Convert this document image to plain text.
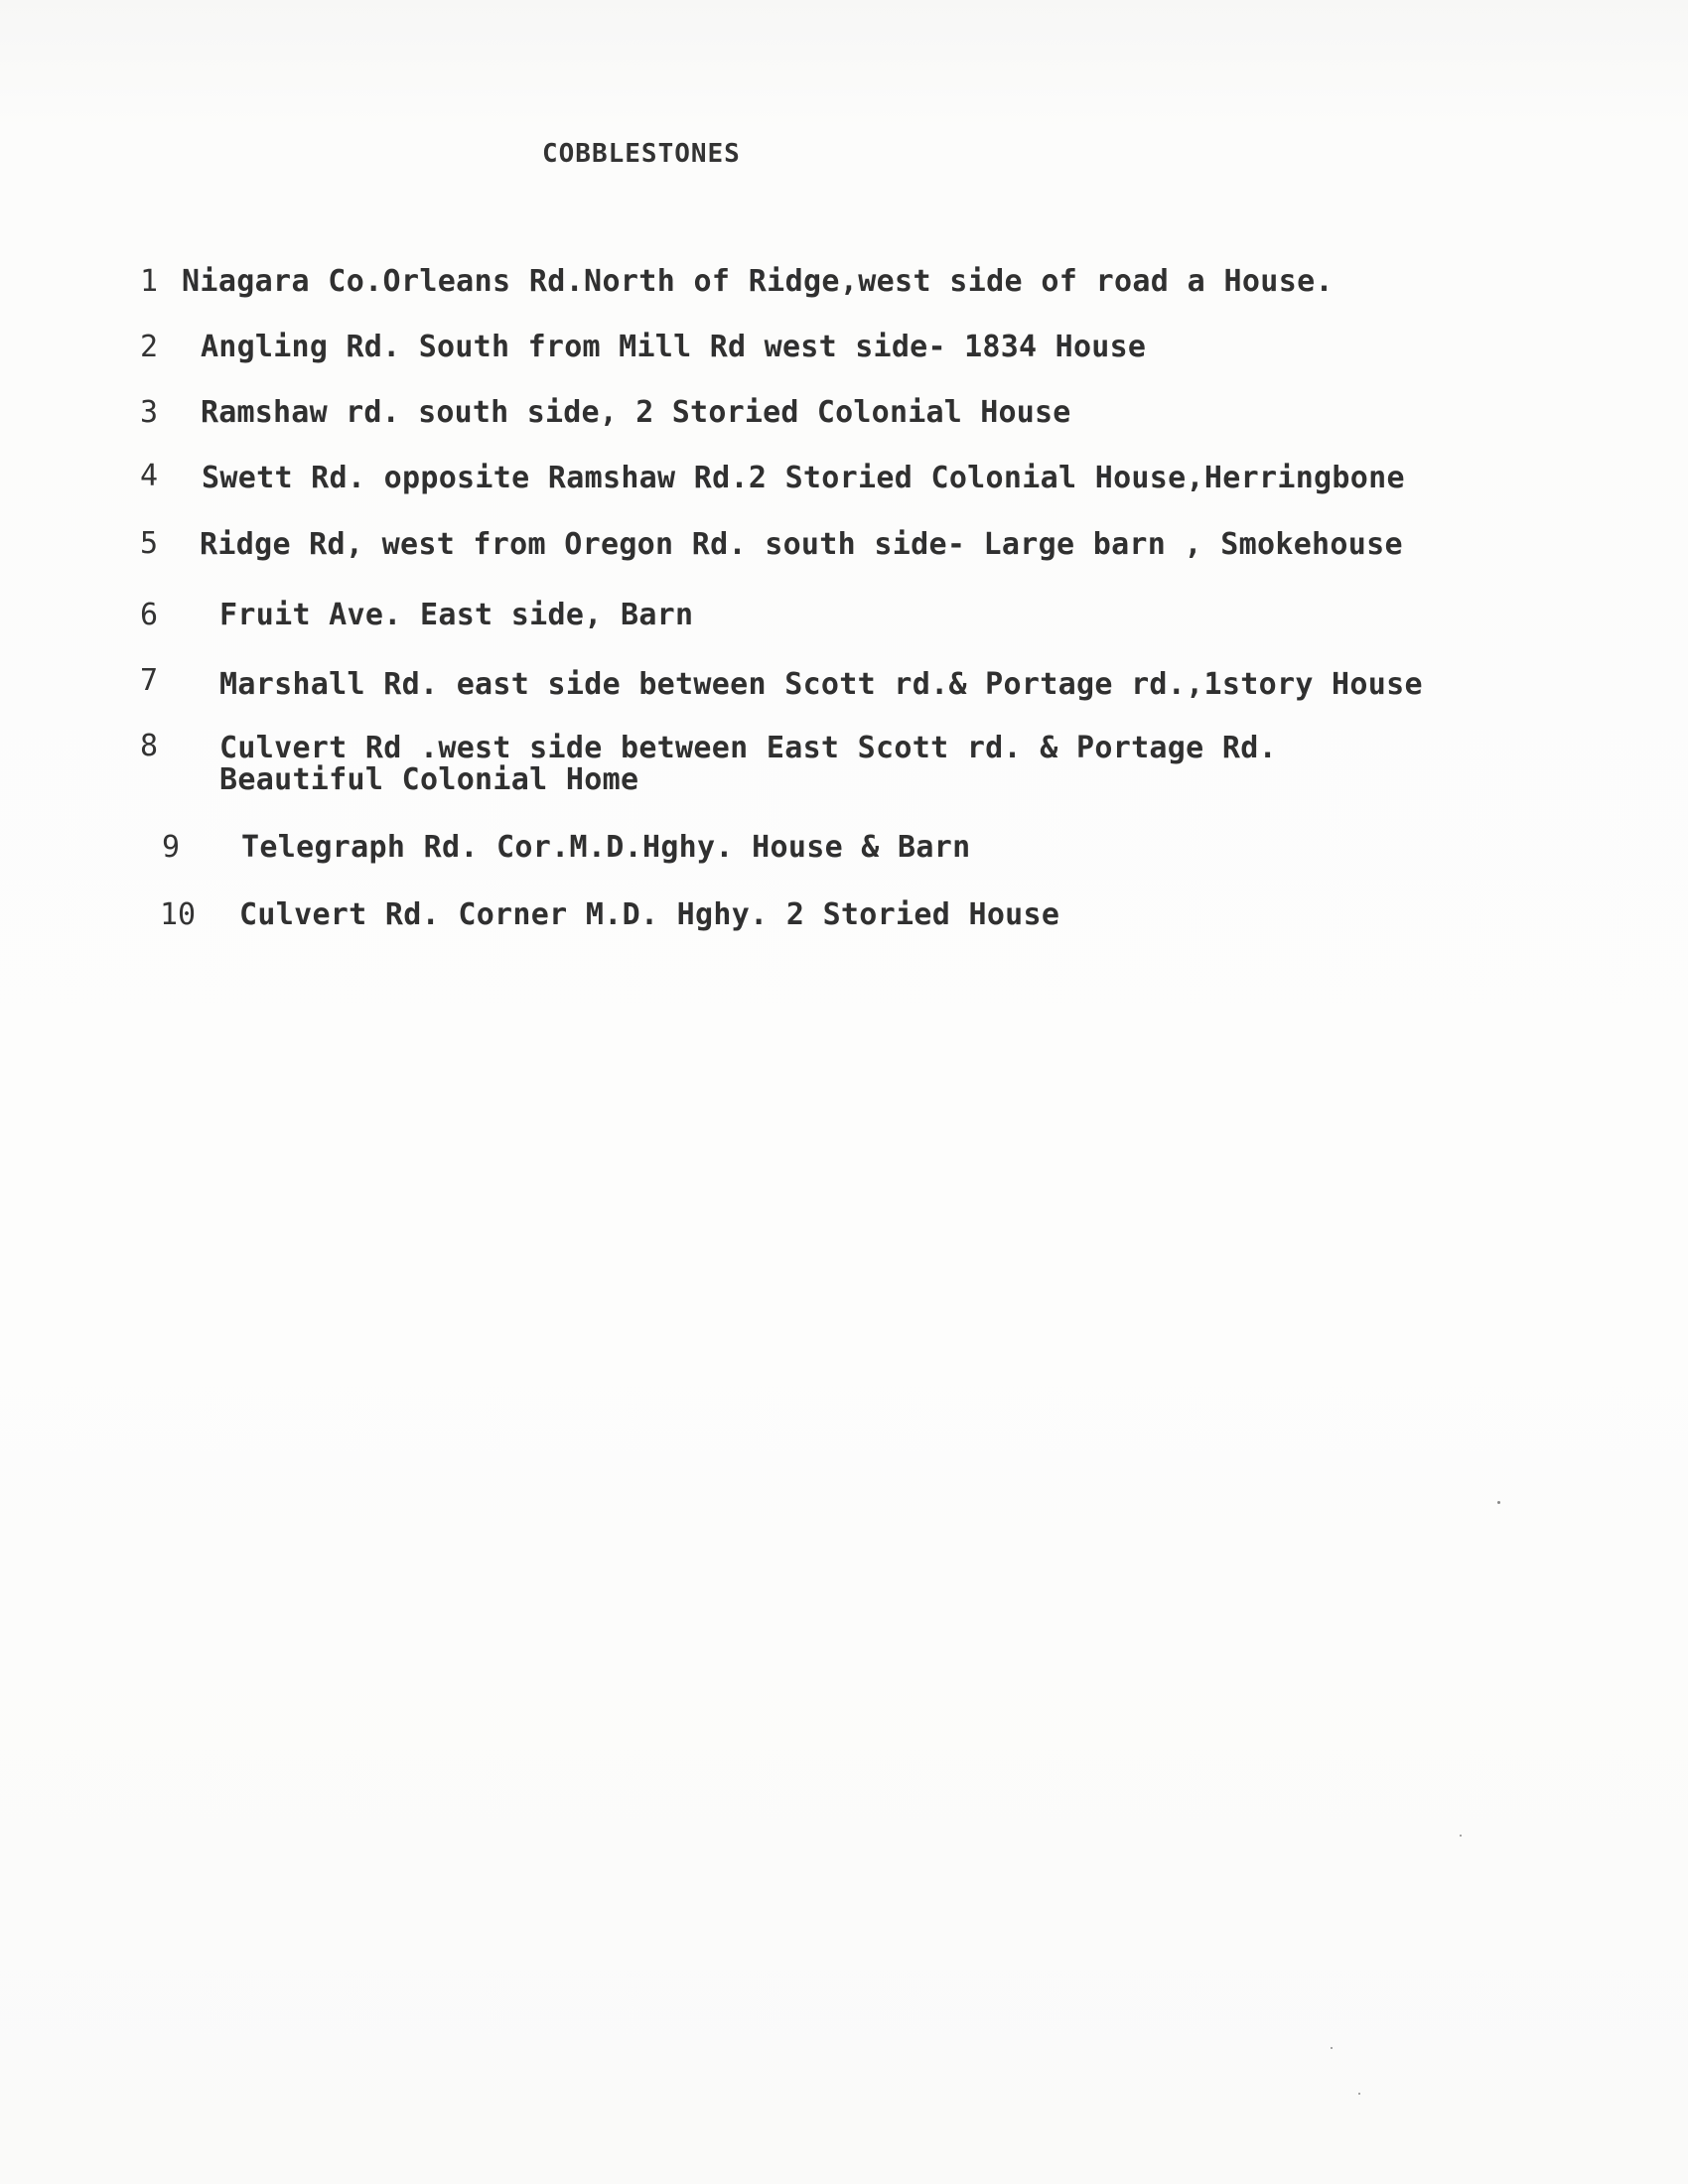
COBBLESTONES
1 Niagara Co.Orleans Rd.North of Ridge,west side of road a House.
2 Angling Rd. South from Mill Rd west side- 1834 House
3 Ramshaw rd. south side, 2 Storied Colonial House
4 Swett Rd. opposite Ramshaw Rd.2 Storied Colonial House,Herringbone
5 Ridge Rd, west from Oregon Rd. south side- Large barn , Smokehouse
6 Fruit Ave. East side, Barn
7 Marshall Rd. east side between Scott rd.& Portage rd.,1story House
8 Culvert Rd .west side between East Scott rd. & Portage Rd.
Beautiful Colonial Home
9 Telegraph Rd. Cor.M.D.Hghy. House & Barn
10 Culvert Rd. Corner M.D. Hghy. 2 Storied House
